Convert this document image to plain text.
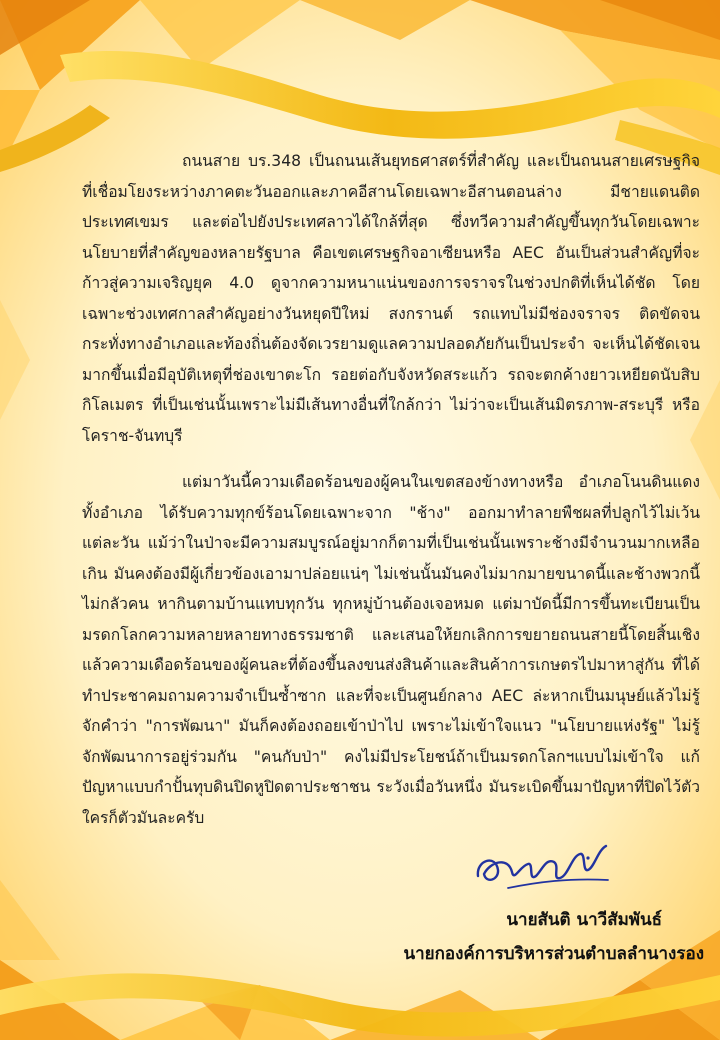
ถนนสาย บร.348 เป็นถนนเส้นยุทธศาสตร์ที่สำคัญ และเป็นถนนสายเศรษฐกิจที่เชื่อมโยงระหว่างภาคตะวันออกและภาคอีสานโดยเฉพาะอีสานตอนล่าง มีชายแดนติดประเทศเขมร และต่อไปยังประเทศลาวได้ใกล้ที่สุด ซึ่งทวีความสำคัญขึ้นทุกวันโดยเฉพาะนโยบายที่สำคัญของหลายรัฐบาล คือเขตเศรษฐกิจอาเซียนหรือ AEC อันเป็นส่วนสำคัญที่จะก้าวสู่ความเจริญยุค 4.0 ดูจากความหนาแน่นของการจราจรในช่วงปกติที่เห็นได้ชัด โดยเฉพาะช่วงเทศกาลสำคัญอย่างวันหยุดปีใหม่ สงกรานต์ รถแทบไม่มีช่องจราจร ติดขัดจนกระทั่งทางอำเภอและท้องถิ่นต้องจัดเวรยามดูแลความปลอดภัยกันเป็นประจำ จะเห็นได้ชัดเจนมากขึ้นเมื่อมีอุบัติเหตุที่ช่องเขาตะโก รอยต่อกับจังหวัดสระแก้ว รถจะตกค้างยาวเหยียดนับสิบกิโลเมตร ที่เป็นเช่นนั้นเพราะไม่มีเส้นทางอื่นที่ใกล้กว่า ไม่ว่าจะเป็นเส้นมิตรภาพ-สระบุรี หรือโคราช-จันทบุรี

แต่มาวันนี้ความเดือดร้อนของผู้คนในเขตสองข้างทางหรือ อำเภอโนนดินแดงทั้งอำเภอ ได้รับความทุกข์ร้อนโดยเฉพาะจาก "ช้าง" ออกมาทำลายพืชผลที่ปลูกไว้ไม่เว้นแต่ละวัน แม้ว่าในป่าจะมีความสมบูรณ์อยู่มากก็ตามที่เป็นเช่นนั้นเพราะช้างมีจำนวนมากเหลือเกิน มันคงต้องมีผู้เกี่ยวข้องเอามาปล่อยแน่ๆ ไม่เช่นนั้นมันคงไม่มากมายขนาดนี้และช้างพวกนี้ไม่กลัวคน หากินตามบ้านแทบทุกวัน ทุกหมู่บ้านต้องเจอหมด แต่มาบัดนี้มีการขึ้นทะเบียนเป็นมรดกโลกความหลายหลายทางธรรมชาติ และเสนอให้ยกเลิกการขยายถนนสายนี้โดยสิ้นเชิง แล้วความเดือดร้อนของผู้คนละที่ต้องขึ้นลงขนส่งสินค้าและสินค้าการเกษตรไปมาหาสู่กัน ที่ได้ทำประชาคมถามความจำเป็นซ้ำซาก และที่จะเป็นศูนย์กลาง AEC ล่ะหากเป็นมนุษย์แล้วไม่รู้จักคำว่า "การพัฒนา" มันก็คงต้องถอยเข้าป่าไป เพราะไม่เข้าใจแนว "นโยบายแห่งรัฐ" ไม่รู้จักพัฒนาการอยู่ร่วมกัน "คนกับป่า" คงไม่มีประโยชน์ถ้าเป็นมรดกโลกฯแบบไม่เข้าใจ แก้ปัญหาแบบกำปั้นทุบดินปิดหูปิดตาประชาชน ระวังเมื่อวันหนึ่ง มันระเบิดขึ้นมาปัญหาที่ปิดไว้ตัวใครก็ตัวมันละครับ

นายสันติ นาวีสัมพันธ์
นายกองค์การบริหารส่วนตำบลลำนางรอง
